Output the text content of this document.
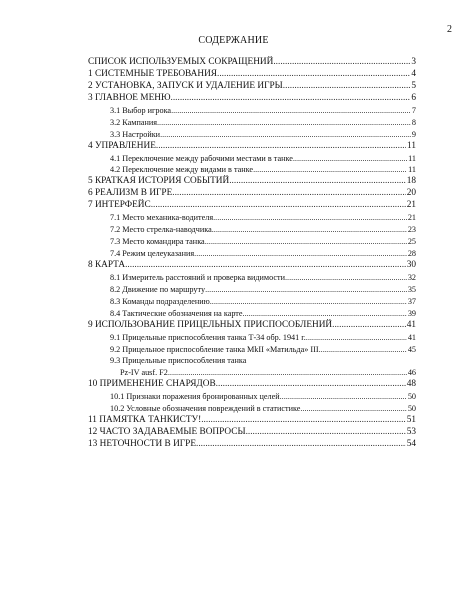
2
СОДЕРЖАНИЕ
СПИСОК ИСПОЛЬЗУЕМЫХ СОКРАЩЕНИЙ .....	3
1 СИСТЕМНЫЕ ТРЕБОВАНИЯ .....	4
2 УСТАНОВКА, ЗАПУСК И УДАЛЕНИЕ ИГРЫ .....	5
3 ГЛАВНОЕ МЕНЮ .....	6
3.1 Выбор игрока .....	7
3.2 Кампания .....	8
3.3 Настройки .....	9
4 УПРАВЛЕНИЕ .....	11
4.1 Переключение между рабочими местами в танке .....	11
4.2 Переключение между видами в танке .....	11
5 КРАТКАЯ ИСТОРИЯ СОБЫТИЙ .....	18
6 РЕАЛИЗМ В ИГРЕ .....	20
7 ИНТЕРФЕЙС .....	21
7.1 Место механика-водителя .....	21
7.2 Место стрелка-наводчика .....	23
7.3 Место командира танка .....	25
7.4 Режим целеуказания .....	28
8 КАРТА .....	30
8.1 Измеритель расстояний и проверка видимости .....	32
8.2 Движение по маршруту .....	35
8.3 Команды подразделению .....	37
8.4 Тактические обозначения на карте .....	39
9 ИСПОЛЬЗОВАНИЕ ПРИЦЕЛЬНЫХ ПРИСПОСОБЛЕНИЙ .....	41
9.1 Прицельные приспособления танка Т-34 обр. 1941 г. .....	41
9.2 Прицельное приспособление танка MkII «Матильда» III .....	45
9.3 Прицельные приспособления танка
Pz-IV ausf. F2 .....	46
10 ПРИМЕНЕНИЕ СНАРЯДОВ .....	48
10.1 Признаки поражения бронированных целей .....	50
10.2 Условные обозначения повреждений в статистике .....	50
11 ПАМЯТКА ТАНКИСТУ! .....	51
12 ЧАСТО ЗАДАВАЕМЫЕ ВОПРОСЫ .....	53
13 НЕТОЧНОСТИ В ИГРЕ .....	54
